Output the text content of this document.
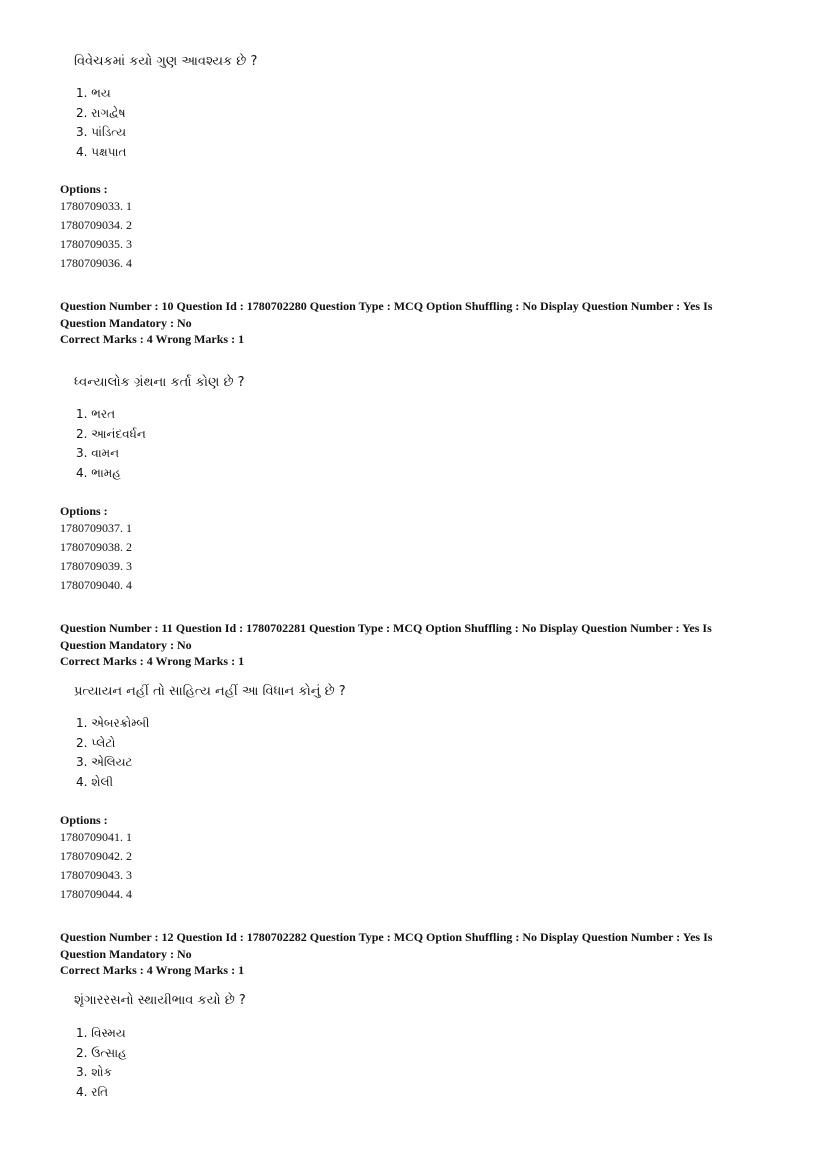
વિવેચકમાં કયો ગુણ આવશ્યક છે ?
1. ભય
2. રાગદ્વેષ
3. પાંડિત્ય
4. પક્ષપાત
Options :
1780709033. 1
1780709034. 2
1780709035. 3
1780709036. 4
Question Number : 10 Question Id : 1780702280 Question Type : MCQ Option Shuffling : No Display Question Number : Yes Is
Question Mandatory : No
Correct Marks : 4 Wrong Marks : 1
ધ્વન્યાલોક ગ્રંથના કર્તા કોણ છે ?
1. ભરત
2. આનંદવર્ધન
3. વામન
4. ભામહ
Options :
1780709037. 1
1780709038. 2
1780709039. 3
1780709040. 4
Question Number : 11 Question Id : 1780702281 Question Type : MCQ Option Shuffling : No Display Question Number : Yes Is
Question Mandatory : No
Correct Marks : 4 Wrong Marks : 1
પ્રત્યાયન નહીં તો સાહિત્ય નહીં આ વિધાન કોનું છે ?
1. એબરક્રોમ્બી
2. પ્લેટો
3. એલિયટ
4. શેલી
Options :
1780709041. 1
1780709042. 2
1780709043. 3
1780709044. 4
Question Number : 12 Question Id : 1780702282 Question Type : MCQ Option Shuffling : No Display Question Number : Yes Is
Question Mandatory : No
Correct Marks : 4 Wrong Marks : 1
શૃંગારરસનો સ્થાયીભાવ કયો છે ?
1. વિસ્મય
2. ઉત્સાહ
3. શોક
4. રતિ
